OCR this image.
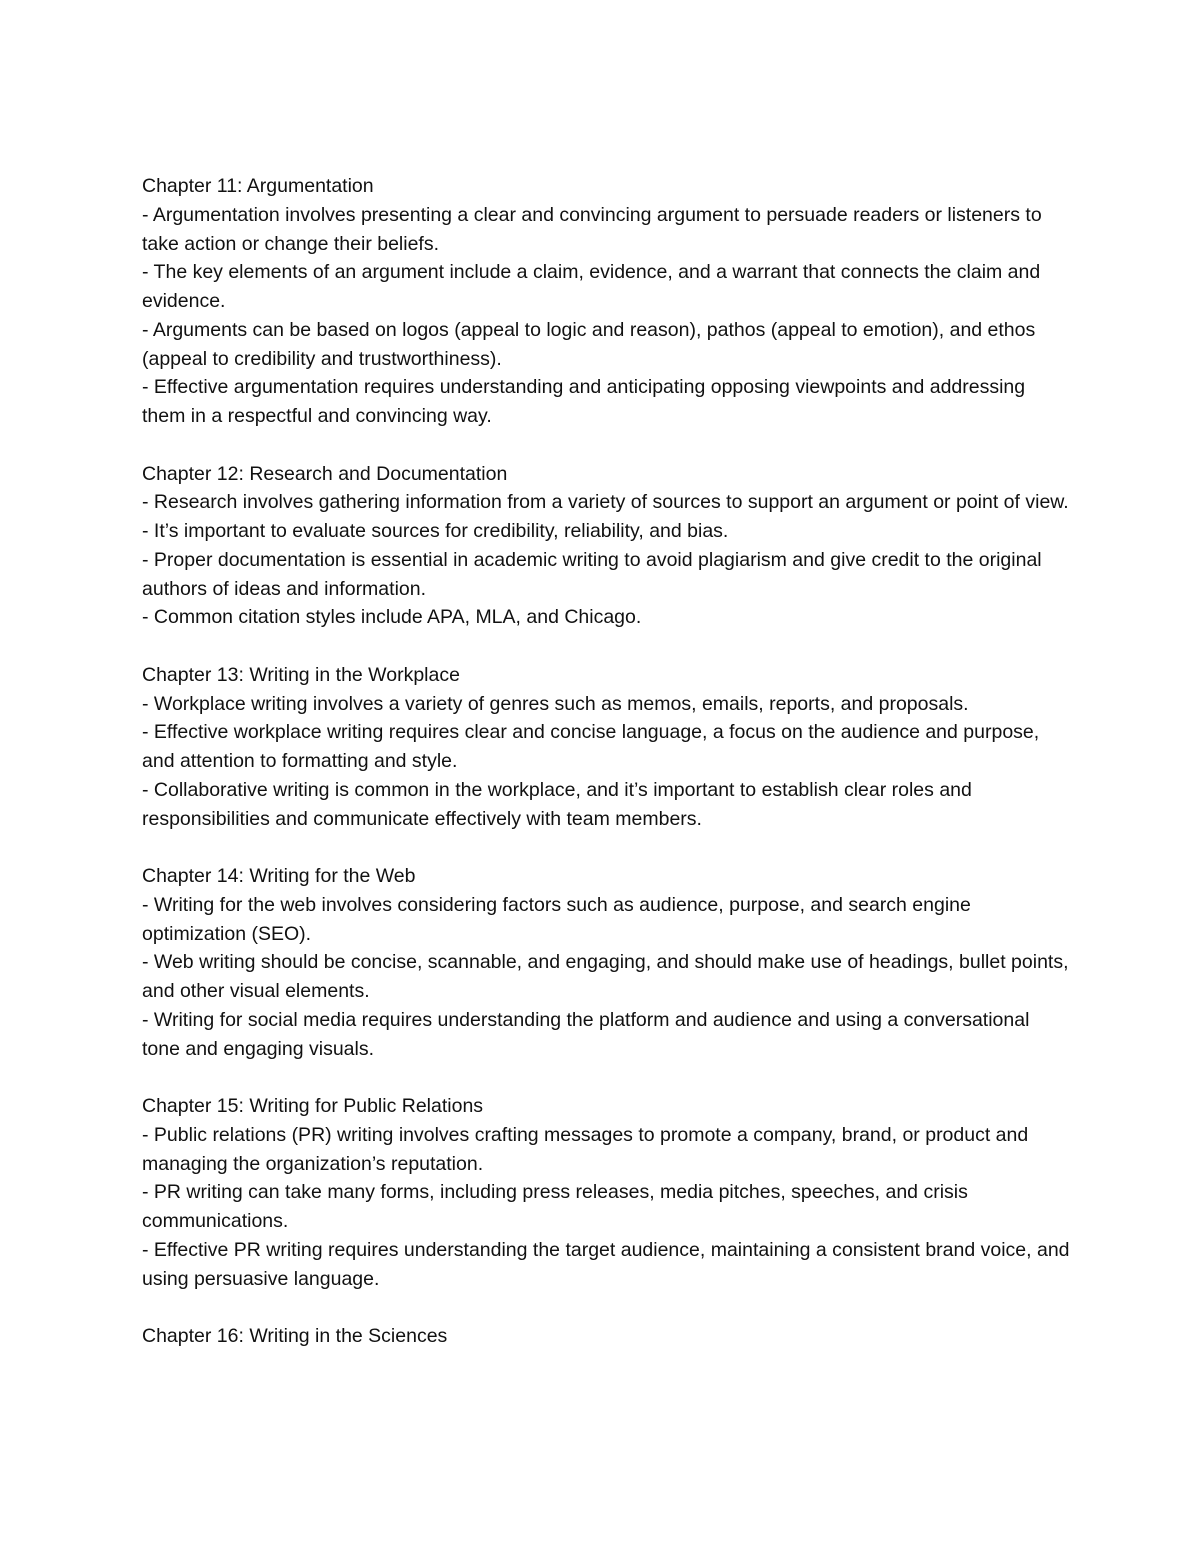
Chapter 11: Argumentation

- Argumentation involves presenting a clear and convincing argument to persuade readers or listeners to take action or change their beliefs.

- The key elements of an argument include a claim, evidence, and a warrant that connects the claim and evidence.

- Arguments can be based on logos (appeal to logic and reason), pathos (appeal to emotion), and ethos (appeal to credibility and trustworthiness).

- Effective argumentation requires understanding and anticipating opposing viewpoints and addressing them in a respectful and convincing way.

Chapter 12: Research and Documentation

- Research involves gathering information from a variety of sources to support an argument or point of view.

- It’s important to evaluate sources for credibility, reliability, and bias.

- Proper documentation is essential in academic writing to avoid plagiarism and give credit to the original authors of ideas and information.

- Common citation styles include APA, MLA, and Chicago.

Chapter 13: Writing in the Workplace

- Workplace writing involves a variety of genres such as memos, emails, reports, and proposals.

- Effective workplace writing requires clear and concise language, a focus on the audience and purpose, and attention to formatting and style.

- Collaborative writing is common in the workplace, and it’s important to establish clear roles and responsibilities and communicate effectively with team members.

Chapter 14: Writing for the Web

- Writing for the web involves considering factors such as audience, purpose, and search engine optimization (SEO).

- Web writing should be concise, scannable, and engaging, and should make use of headings, bullet points, and other visual elements.

- Writing for social media requires understanding the platform and audience and using a conversational tone and engaging visuals.

Chapter 15: Writing for Public Relations

- Public relations (PR) writing involves crafting messages to promote a company, brand, or product and managing the organization’s reputation.

- PR writing can take many forms, including press releases, media pitches, speeches, and crisis communications.

- Effective PR writing requires understanding the target audience, maintaining a consistent brand voice, and using persuasive language.

Chapter 16: Writing in the Sciences
